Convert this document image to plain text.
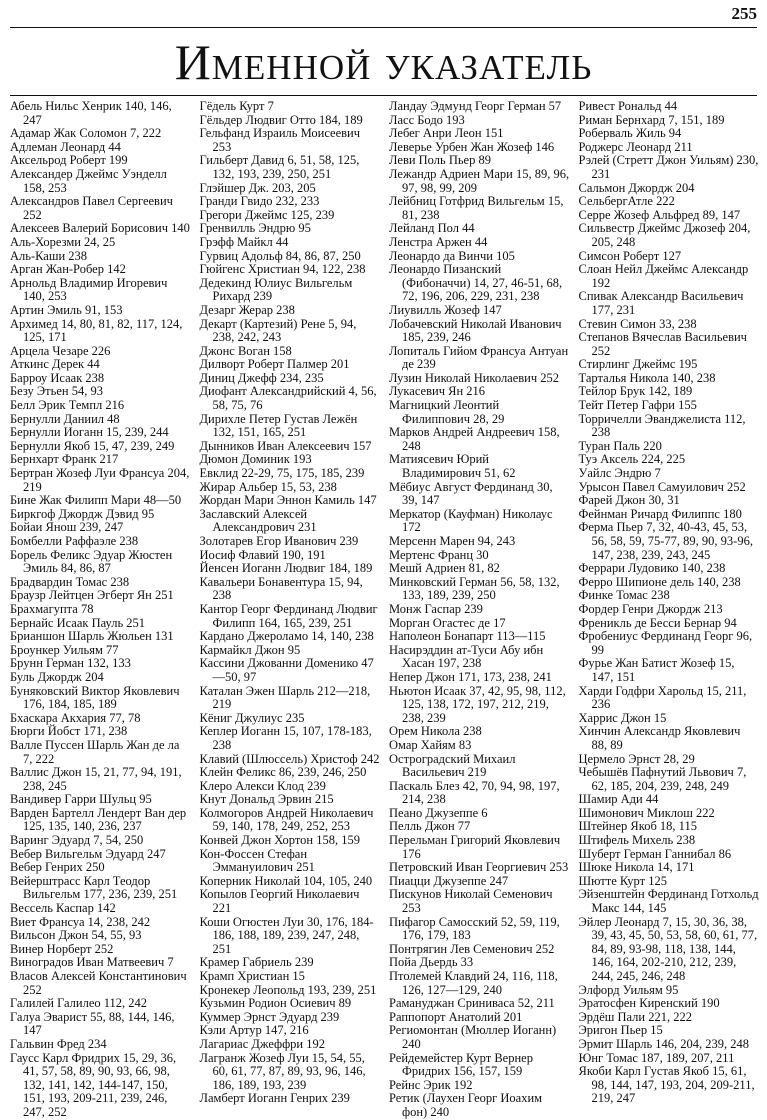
255
Именной указатель
Абель Нильс Хенрик 140, 146, 247
Адамар Жак Соломон 7, 222
Адлеман Леонард 44
Аксельрод Роберт 199
Александер Джеймс Уэнделл 158, 253
Александров Павел Сергеевич 252
Алексеев Валерий Борисович 140
Аль-Хорезми 24, 25
Аль-Каши 238
Арган Жан-Робер 142
Арнольд Владимир Игоревич 140, 253
Артин Эмиль 91, 153
Архимед 14, 80, 81, 82, 117, 124, 125, 171
Арцела Чезаре 226
Аткинс Дерек 44
Барроу Исаак 238
Безу Этьен 54, 93
Белл Эрик Темпл 216
Бернулли Даниил 48
Бернулли Иоганн 15, 239, 244
Бернулли Якоб 15, 47, 239, 249
Бернхарт Франк 217
Бертран Жозеф Луи Франсуа 204, 219
Бине Жак Филипп Мари 48—50
Биркгоф Джордж Дэвид 95
Бойаи Янош 239, 247
Бомбелли Раффаэле 238
Борель Феликс Эдуар Жюстен Эмиль 84, 86, 87
Брадвардин Томас 238
Браузр Лейтцен Эгберт Ян 251
Брахмагупта 78
Бернайс Исаак Пауль 251
Брианшон Шарль Жюльен 131
Броункер Уильям 77
Брунн Герман 132, 133
Буль Джордж 204
Буняковский Виктор Яковлевич 176, 184, 185, 189
Бхаскара Акхария 77, 78
Бюрги Йобст 171, 238
Валле Пуссен Шарль Жан де ла 7, 222
Валлис Джон 15, 21, 77, 94, 191, 238, 245
Вандивер Гарри Шульц 95
Варден Бартелл Лендерт Ван дер 125, 135, 140, 236, 237
Варинг Эдуард 7, 54, 250
Вебер Вильгельм Эдуард 247
Вебер Генрих 250
Вейерштрасс Карл Теодор Вильгельм 177, 236, 239, 251
Вессель Каспар 142
Виет Франсуа 14, 238, 242
Вильсон Джон 54, 55, 93
Винер Норберт 252
Виноградов Иван Матвеевич 7
Власов Алексей Константинович 252
Галилей Галилео 112, 242
Галуа Эварист 55, 88, 144, 146, 147
Гальвин Фред 234
Гаусс Карл Фридрих 15, 29, 36, 41, 57, 58, 89, 90, 93, 66, 98, 132, 141, 142, 144-147, 150, 151, 193, 209-211, 239, 246, 247, 252
Гёдель Курт 7
Гёльдер Людвиг Отто 184, 189
Гельфанд Израиль Моисеевич 253
Гильберт Давид 6, 51, 58, 125, 132, 193, 239, 250, 251
Глэйшер Дж. 203, 205
Гранди Гвидо 232, 233
Грегори Джеймс 125, 239
Гренвилль Эндрю 95
Грэфф Майкл 44
Гурвиц Адольф 84, 86, 87, 250
Гюйгенс Христиан 94, 122, 238
Дедекинд Юлиус Вильгельм Рихард 239
Дезарг Жерар 238
Декарт (Картезий) Рене 5, 94, 238, 242, 243
Джонс Воган 158
Дилворт Роберт Палмер 201
Диниц Джефф 234, 235
Диофант Александрийский 4, 56, 58, 75, 76
Дирихле Петер Густав Лежён 132, 151, 165, 251
Дынников Иван Алексеевич 157
Дюмон Доминик 193
Евклид 22-29, 75, 175, 185, 239
Жирар Альбер 15, 53, 238
Жордан Мари Эннон Камиль 147
Заславский Алексей Александрович 231
Золотарев Егор Иванович 239
Иосиф Флавий 190, 191
Йенсен Иоганн Людвиг 184, 189
Кавальери Бонавентура 15, 94, 238
Кантор Георг Фердинанд Людвиг Филипп 164, 165, 239, 251
Кардано Джероламо 14, 140, 238
Кармайкл Джон 95
Кассини Джованни Доменико 47—50, 97
Каталан Эжен Шарль 212—218, 219
Кёниг Джулиус 235
Кеплер Иоганн 15, 107, 178-183, 238
Клавий (Шлюссель) Христоф 242
Клейн Феликс 86, 239, 246, 250
Клеро Алекси Клод 239
Кнут Дональд Эрвин 215
Колмогоров Андрей Николаевич 59, 140, 178, 249, 252, 253
Конвей Джон Хортон 158, 159
Кон-Фоссен Стефан Эммануилович 251
Коперник Николай 104, 105, 240
Копылов Георгий Николаевич 221
Коши Огюстен Луи 30, 176, 184-186, 188, 189, 239, 247, 248, 251
Крамер Габриель 239
Крамп Христиан 15
Кронекер Леопольд 193, 239, 251
Кузьмин Родион Осиевич 89
Куммер Эрнст Эдуард 239
Кэли Артур 147, 216
Лагариас Джеффри 192
Лагранж Жозеф Луи 15, 54, 55, 60, 61, 77, 87, 89, 93, 96, 146, 186, 189, 193, 239
Ламберт Иоганн Генрих 239
Ландау Эдмунд Георг Герман 57
Ласс Бодо 193
Лебег Анри Леон 151
Леверье Урбен Жан Жозеф 146
Леви Поль Пьер 89
Лежандр Адриен Мари 15, 89, 96, 97, 98, 99, 209
Лейбниц Готфрид Вильгельм 15, 81, 238
Лейланд Пол 44
Ленстра Аржен 44
Леонардо да Винчи 105
Леонардо Пизанский (Фибоначчи) 14, 27, 46-51, 68, 72, 196, 206, 229, 231, 238
Лиувилль Жозеф 147
Лобачевский Николай Иванович 185, 239, 246
Лопиталь Гийом Франсуа Антуан де 239
Лузин Николай Николаевич 252
Лукасевич Ян 216
Магницкий Леонтий Филиппович 28, 29
Марков Андрей Андреевич 158, 248
Матиясевич Юрий Владимирович 51, 62
Мёбиус Август Фердинанд 30, 39, 147
Меркатор (Кауфман) Николаус 172
Мерсенн Марен 94, 243
Мертенс Франц 30
Мешй Адриен 81, 82
Минковский Герман 56, 58, 132, 133, 189, 239, 250
Монж Гаспар 239
Морган Огастес де 17
Наполеон Бонапарт 113—115
Насирэддин ат-Туси Абу ибн Хасан 197, 238
Непер Джон 171, 173, 238, 241
Ньютон Исаак 37, 42, 95, 98, 112, 125, 138, 172, 197, 212, 219, 238, 239
Орем Никола 238
Омар Хайям 83
Остроградский Михаил Васильевич 219
Паскаль Блез 42, 70, 94, 98, 197, 214, 238
Пеано Джузеппе 6
Пелль Джон 77
Перельман Григорий Яковлевич 176
Петровский Иван Георгиевич 253
Пиацци Джузеппе 247
Пискунов Николай Семенович 253
Пифагор Самосский 52, 59, 119, 176, 179, 183
Понтрягин Лев Семенович 252
Пойа Дьердь 33
Птолемей Клавдий 24, 116, 118, 126, 127—129, 240
Рамануджан Сриниваса 52, 211
Раппопорт Анатолий 201
Региомонтан (Мюллер Иоганн) 240
Рейдемейстер Курт Вернер Фридрих 156, 157, 159
Рейнс Эрик 192
Ретик (Лаухен Георг Иоахим фон) 240
Ривест Рональд 44
Риман Бернхард 7, 151, 189
Роберваль Жиль 94
Роджерс Леонард 211
Рэлей (Стретт Джон Уильям) 230, 231
Сальмон Джордж 204
СельбергАтле 222
Серре Жозеф Альфред 89, 147
Сильвестр Джеймс Джозеф 204, 205, 248
Симсон Роберт 127
Слоан Нейл Джеймс Александр 192
Спивак Александр Васильевич 177, 231
Стевин Симон 33, 238
Степанов Вячеслав Васильевич 252
Стирлинг Джеймс 195
Тарталья Никола 140, 238
Тейлор Брук 142, 189
Тейт Петер Гафри 155
Торричелли Эванджелиста 112, 238
Туран Паль 220
Туэ Аксель 224, 225
Уайлс Эндрю 7
Урысон Павел Самуилович 252
Фарей Джон 30, 31
Фейнман Ричард Филиппс 180
Ферма Пьер 7, 32, 40-43, 45, 53, 56, 58, 59, 75-77, 89, 90, 93-96, 147, 238, 239, 243, 245
Феррари Лудовико 140, 238
Ферро Шипионе дель 140, 238
Финке Томас 238
Фордер Генри Джордж 213
Френикль де Бесси Бернар 94
Фробениус Фердинанд Георг 96, 99
Фурье Жан Батист Жозеф 15, 147, 151
Харди Годфри Харольд 15, 211, 236
Харрис Джон 15
Хинчин Александр Яковлевич 88, 89
Цермело Эрнст 28, 29
Чебышёв Пафнутий Львович 7, 62, 185, 204, 239, 248, 249
Шамир Ади 44
Шимонович Миклош 222
Штейнер Якоб 18, 115
Штифель Михель 238
Шуберт Герман Ганнибал 86
Шюке Никола 14, 171
Шютте Курт 125
Эйзенштейн Фердинанд Готхольд Макс 144, 145
Эйлер Леонард 7, 15, 30, 36, 38, 39, 43, 45, 50, 53, 58, 60, 61, 77, 84, 89, 93-98, 118, 138, 144, 146, 164, 202-210, 212, 239, 244, 245, 246, 248
Элфорд Уильям 95
Эратосфен Киренский 190
Эрдёш Пали 221, 222
Эригон Пьер 15
Эрмит Шарль 146, 204, 239, 248
Юнг Томас 187, 189, 207, 211
Якоби Карл Густав Якоб 15, 61, 98, 144, 147, 193, 204, 209-211, 219, 247
